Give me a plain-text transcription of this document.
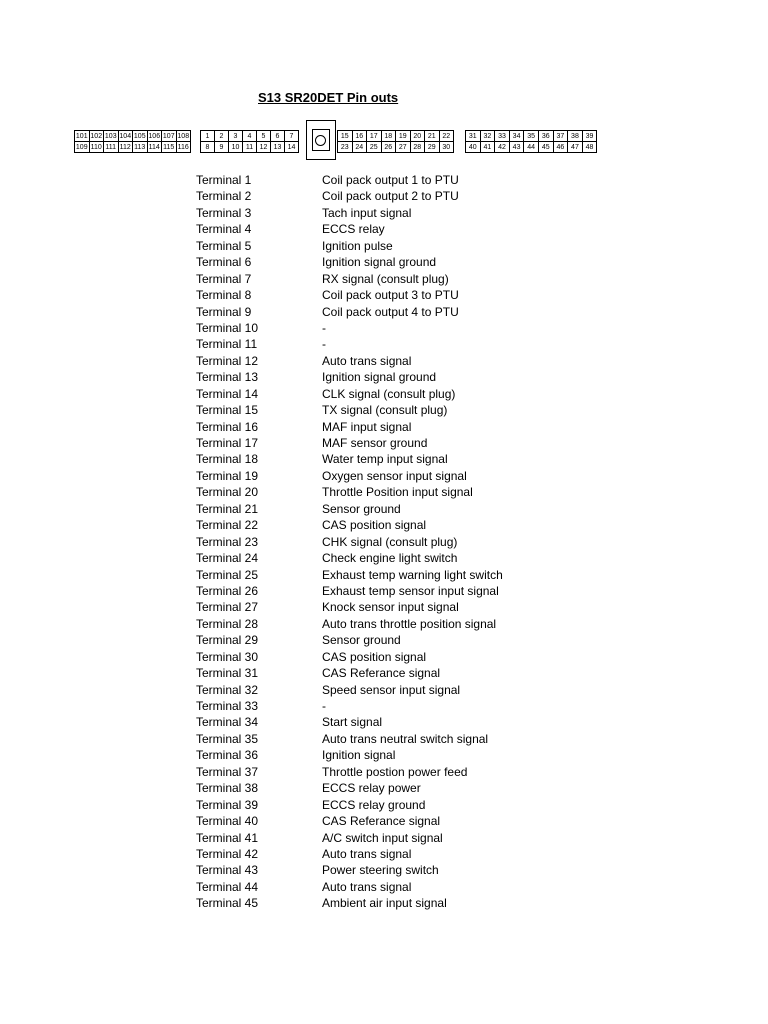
S13 SR20DET Pin outs
101 102 103 104 105 106 107 108
109 110 111 112 113 114 115 116
1	2	3	4	5	6	7
8	9	10 11 12 13 14
15 16 17 18 19 20 21 22
23 24 25 26 27 28 29 30
31 32 33 34 35 36 37 38 39
40 41 42 43 44 45 46 47 48
Terminal 1	Coil pack output 1 to PTU
Terminal 2	Coil pack output 2 to PTU
Terminal 3	Tach input signal
Terminal 4	ECCS relay
Terminal 5	Ignition pulse
Terminal 6	Ignition signal ground
Terminal 7	RX signal (consult plug)
Terminal 8	Coil pack output 3 to PTU
Terminal 9	Coil pack output 4 to PTU
Terminal 10	-
Terminal 11	-
Terminal 12	Auto trans signal
Terminal 13	Ignition signal ground
Terminal 14	CLK signal (consult plug)
Terminal 15	TX signal (consult plug)
Terminal 16	MAF input signal
Terminal 17	MAF sensor ground
Terminal 18	Water temp input signal
Terminal 19	Oxygen sensor input signal
Terminal 20	Throttle Position input signal
Terminal 21	Sensor ground
Terminal 22	CAS position signal
Terminal 23	CHK signal (consult plug)
Terminal 24	Check engine light switch
Terminal 25	Exhaust temp warning light switch
Terminal 26	Exhaust temp sensor input signal
Terminal 27	Knock sensor input signal
Terminal 28	Auto trans throttle position signal
Terminal 29	Sensor ground
Terminal 30	CAS position signal
Terminal 31	CAS Referance signal
Terminal 32	Speed sensor input signal
Terminal 33	-
Terminal 34	Start signal
Terminal 35	Auto trans neutral switch signal
Terminal 36	Ignition signal
Terminal 37	Throttle postion power feed
Terminal 38	ECCS relay power
Terminal 39	ECCS relay ground
Terminal 40	CAS Referance signal
Terminal 41	A/C switch input signal
Terminal 42	Auto trans signal
Terminal 43	Power steering switch
Terminal 44	Auto trans signal
Terminal 45	Ambient air input signal
